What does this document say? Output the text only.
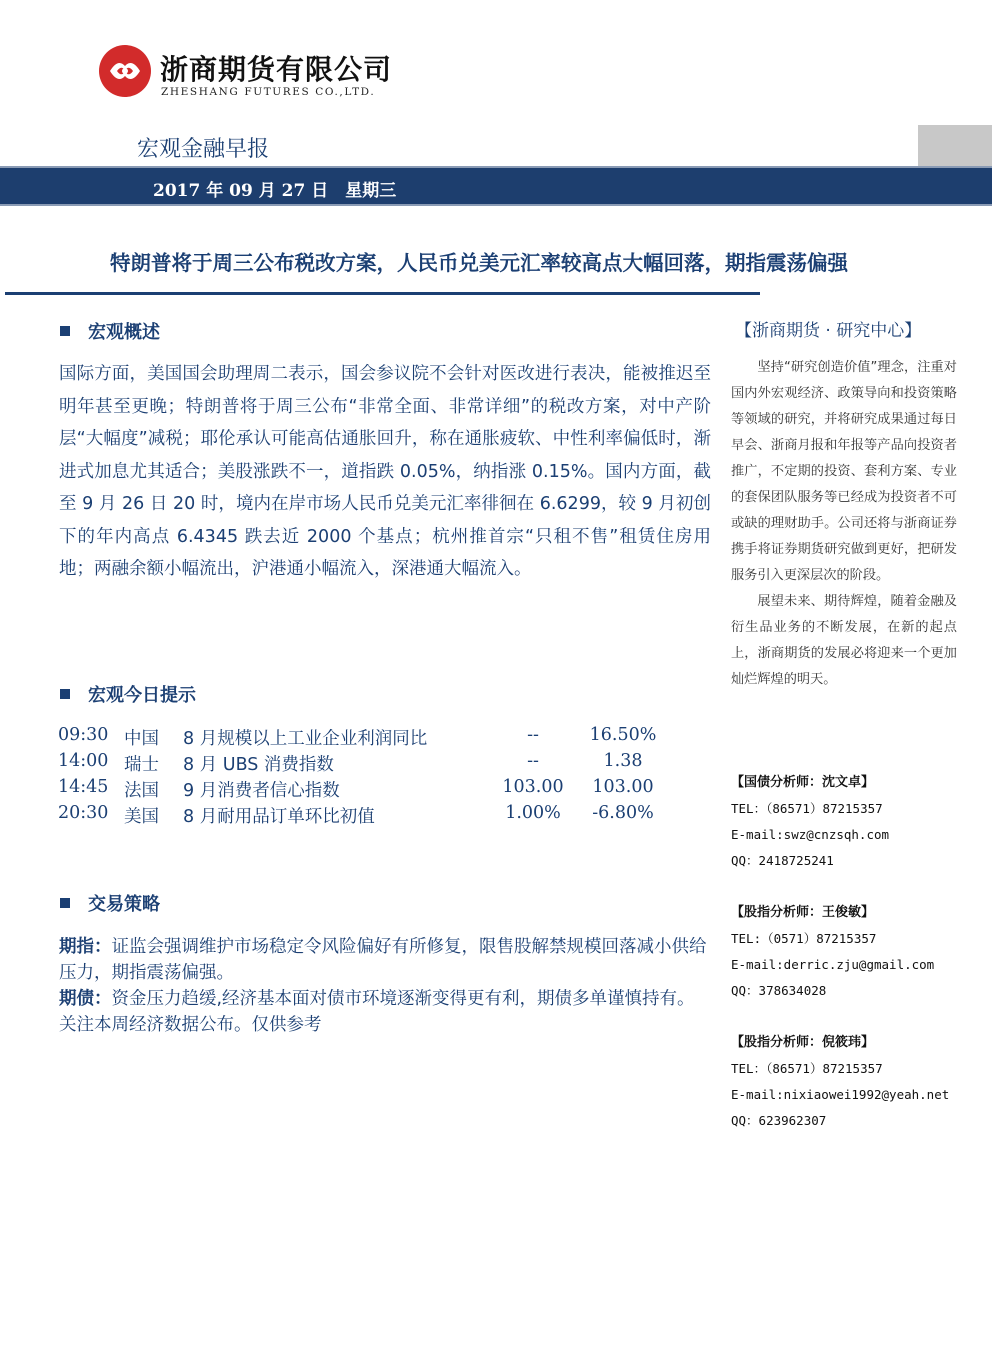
浙商期货有限公司
ZHESHANG FUTURES CO.,LTD.
宏观金融早报
2017 年 09 月 27 日　星期三
特朗普将于周三公布税改方案，人民币兑美元汇率较高点大幅回落，期指震荡偏强
宏观概述

国际方面，美国国会助理周二表示，国会参议院不会针对医改进行表决，能被推迟至明年甚至更晚；特朗普将于周三公布“非常全面、非常详细”的税改方案，对中产阶层“大幅度”减税；耶伦承认可能高估通胀回升，称在通胀疲软、中性利率偏低时，渐进式加息尤其适合；美股涨跌不一，道指跌 0.05%，纳指涨 0.15%。国内方面，截至 9 月 26 日 20 时，境内在岸市场人民币兑美元汇率徘徊在 6.6299，较 9 月初创下的年内高点 6.4345 跌去近 2000 个基点；杭州推首宗“只租不售”租赁住房用地；两融余额小幅流出，沪港通小幅流入，深港通大幅流入。

宏观今日提示
09:30 中国 8 月规模以上工业企业利润同比	--	16.50%
14:00 瑞士 8 月 UBS 消费指数	--	1.38
14:45 法国 9 月消费者信心指数	103.00	103.00
20:30 美国 8 月耐用品订单环比初值	1.00%	-6.80%
交易策略

期指：证监会强调维护市场稳定令风险偏好有所修复，限售股解禁规模回落减小供给压力，期指震荡偏强。

期债：资金压力趋缓,经济基本面对债市环境逐渐变得更有利，期债多单谨慎持有。关注本周经济数据公布。仅供参考

【浙商期货 · 研究中心】

坚持“研究创造价值”理念，注重对国内外宏观经济、政策导向和投资策略等领域的研究，并将研究成果通过每日早会、浙商月报和年报等产品向投资者推广，不定期的投资、套利方案、专业的套保团队服务等已经成为投资者不可或缺的理财助手。公司还将与浙商证券携手将证券期货研究做到更好，把研发服务引入更深层次的阶段。

展望未来、期待辉煌，随着金融及衍生品业务的不断发展，在新的起点上，浙商期货的发展必将迎来一个更加灿烂辉煌的明天。

【国债分析师：沈文卓】
TEL：（86571）87215357
E-mail:swz@cnzsqh.com
QQ：2418725241
【股指分析师：王俊敏】
TEL:（0571）87215357
E-mail:derric.zju@gmail.com
QQ：378634028
【股指分析师：倪筱玮】
TEL：（86571）87215357
E-mail:nixiaowei1992@yeah.net
QQ：623962307
